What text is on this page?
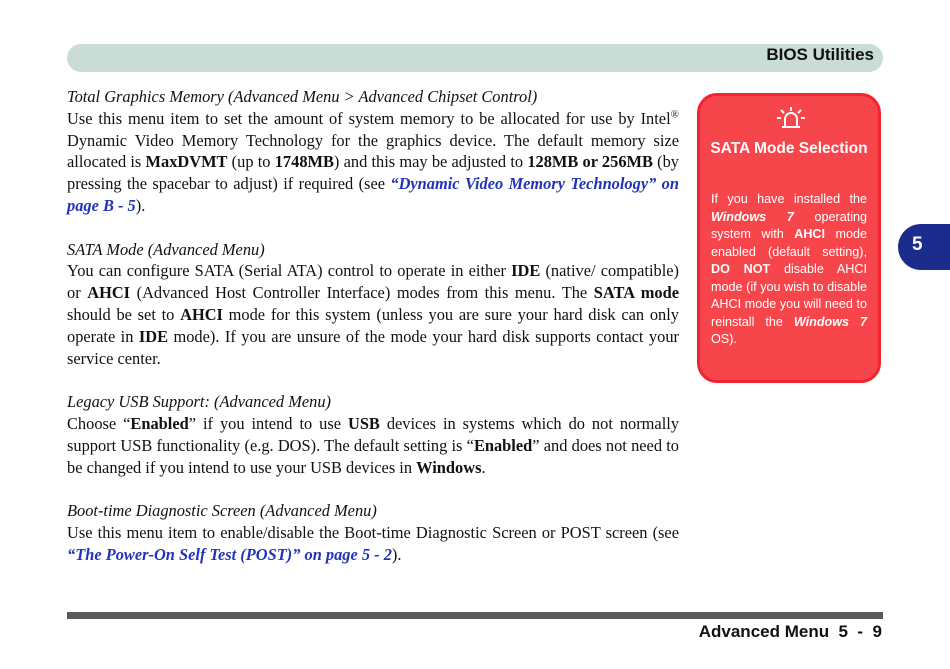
BIOS Utilities
5
Total Graphics Memory (Advanced Menu > Advanced Chipset Control)

Use this menu item to set the amount of system memory to be allocated for use by Intel® Dynamic Video Memory Technology for the graphics device. The default memory size allocated is MaxDVMT (up to 1748MB) and this may be adjusted to 128MB or 256MB (by pressing the spacebar to adjust) if required (see “Dynamic Video Memory Technology” on page B - 5).

SATA Mode (Advanced Menu)

You can configure SATA (Serial ATA) control to operate in either IDE (native/ compatible) or AHCI (Advanced Host Controller Interface) modes from this menu. The SATA mode should be set to AHCI mode for this system (unless you are sure your hard disk can only operate in IDE mode). If you are unsure of the mode your hard disk supports contact your service center.

Legacy USB Support: (Advanced Menu)

Choose “Enabled” if you intend to use USB devices in systems which do not normally support USB functionality (e.g. DOS). The default setting is “Enabled” and does not need to be changed if you intend to use your USB devices in Windows.

Boot-time Diagnostic Screen (Advanced Menu)

Use this menu item to enable/disable the Boot-time Diagnostic Screen or POST screen (see “The Power-On Self Test (POST)” on page 5 - 2).

SATA Mode Selection
If you have installed the Windows 7 operating system with AHCI mode enabled (default setting), DO NOT disable AHCI mode (if you wish to disable AHCI mode you will need to reinstall the Windows 7 OS).
Advanced Menu  5  -  9
